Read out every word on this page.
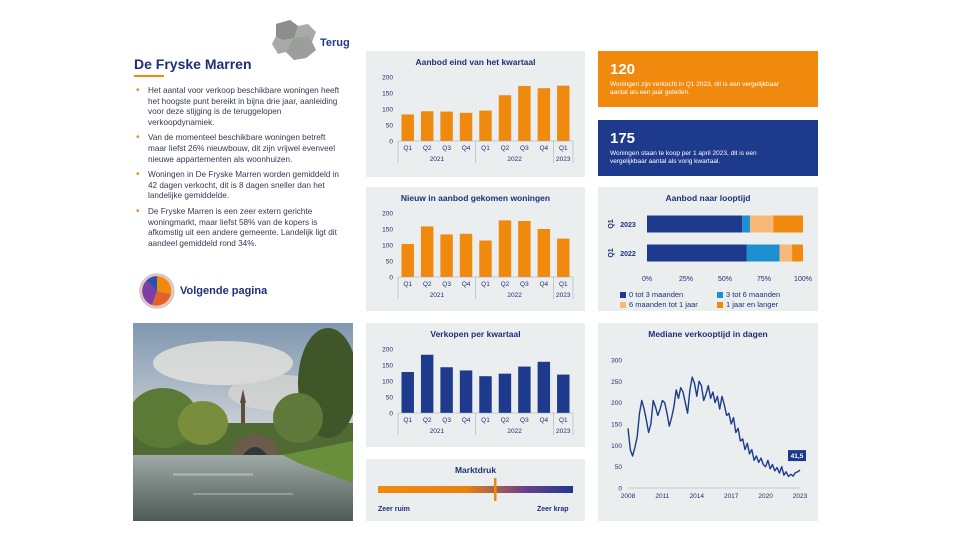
Terug
De Fryske Marren
• Het aantal voor verkoop beschikbare woningen heeft het hoogste punt bereikt in bijna drie jaar, aanleiding voor deze stijging is de teruggelopen verkoopdynamiek.
• Van de momenteel beschikbare woningen betreft maar liefst 26% nieuwbouw, dit zijn vrijwel evenveel nieuwe appartementen als woonhuizen.
• Woningen in De Fryske Marren worden gemiddeld in 42 dagen verkocht, dit is 8 dagen sneller dan het landelijke gemiddelde.
• De Fryske Marren is een zeer extern gerichte woningmarkt, maar liefst 58% van de kopers is afkomstig uit een andere gemeente. Landelijk ligt dit aandeel gemiddeld rond 34%.
Volgende pagina
Aanbod eind van het kwartaal
0
50
100
150
200
Q1 Q2 Q3 Q4 Q1 Q2 Q3 Q4 Q1
2021	2022	2023
Nieuw in aanbod gekomen woningen
0
50
100
150
200
Q1 Q2 Q3 Q4 Q1 Q2 Q3 Q4 Q1
2021	2022	2023
Verkopen per kwartaal
0
50
100
150
200
Q1 Q2 Q3 Q4 Q1 Q2 Q3 Q4 Q1
2021	2022	2023
Marktdruk
Zeer ruim	Zeer krap
120
Woningen zijn verkocht in Q1 2023, dit is een vergelijkbaar aantal als een jaar geleden.
175
Woningen staan te koop per 1 april 2023, dit is een vergelijkbaar aantal als vorig kwartaal.
Aanbod naar looptijd
2023
Q1
2022
Q1
0%	25%	50%	75%	100%
0 tot 3 maanden	3 tot 6 maanden
6 maanden tot 1 jaar	1 jaar en langer
Mediane verkooptijd in dagen
0
50
100
150
200
250
300
2008	2011	2014	2017	2020	2023
41,5
